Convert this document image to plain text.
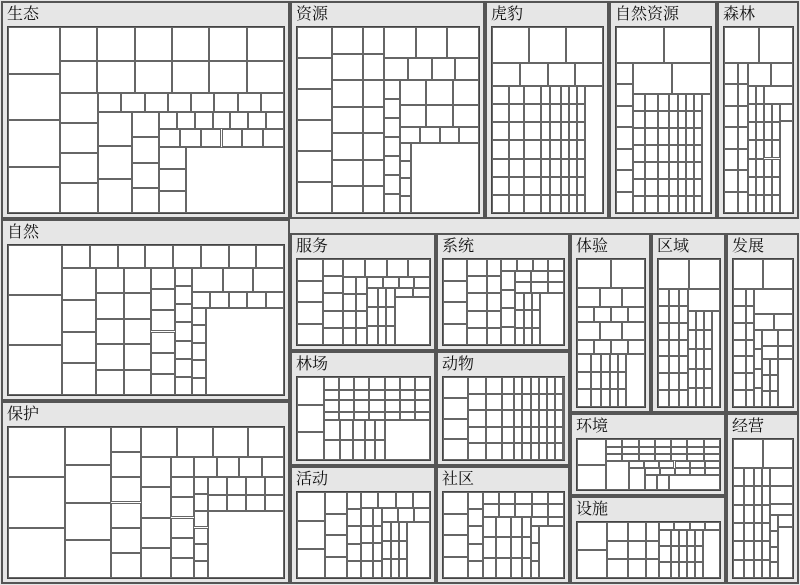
生态	资源	虎豹	自然资源	森林
自然
服务	系统	体验	区域	发展
林场	动物
保护
环境	经营
活动	社区
设施
